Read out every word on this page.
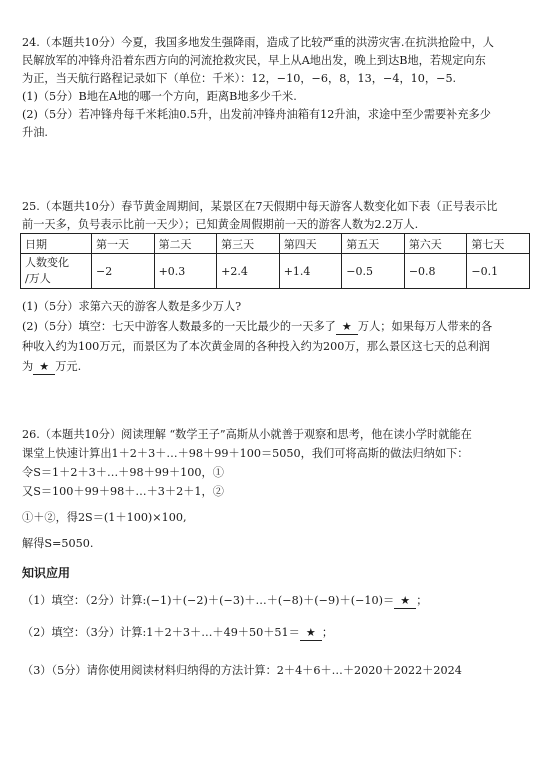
24.（本题共10分）今夏，我国多地发生强降雨，造成了比较严重的洪涝灾害.在抗洪抢险中，人
民解放军的冲锋舟沿着东西方向的河流抢救灾民，早上从A地出发，晚上到达B地，若规定向东
为正，当天航行路程记录如下（单位：千米）：12，−10，−6，8，13，−4，10，−5.
(1)（5分）B地在A地的哪一个方向，距离B地多少千米.
(2)（5分）若冲锋舟每千米耗油0.5升，出发前冲锋舟油箱有12升油，求途中至少需要补充多少
升油.
25.（本题共10分）春节黄金周期间，某景区在7天假期中每天游客人数变化如下表（正号表示比
前一天多，负号表示比前一天少）；已知黄金周假期前一天的游客人数为2.2万人.
日期	第一天	第二天	第三天	第四天	第五天	第六天	第七天

人数变化
/万人	−2	+0.3	+2.4	+1.4	−0.5	−0.8	−0.1
(1)（5分）求第六天的游客人数是多少万人?
(2)（5分）填空：七天中游客人数最多的一天比最少的一天多了 ★ 万人；如果每万人带来的各
种收入约为100万元，而景区为了本次黄金周的各种投入约为200万，那么景区这七天的总利润
为 ★ 万元.
26.（本题共10分）阅读理解 “数学王子”高斯从小就善于观察和思考，他在读小学时就能在
课堂上快速计算出1＋2＋3＋…＋98＋99＋100＝5050，我们可将高斯的做法归纳如下：
令S＝1＋2＋3＋…＋98＋99＋100，①
又S＝100＋99＋98＋…＋3＋2＋1，②
①＋②，得2S＝(1＋100)×100,
解得S=5050.
知识应用
（1）填空：（2分）计算:(−1)＋(−2)＋(−3)＋…＋(−8)＋(−9)＋(−10)＝ ★ ；
（2）填空：（3分）计算:1＋2＋3＋…＋49＋50＋51＝ ★ ；
（3）（5分）请你使用阅读材料归纳得的方法计算：2＋4＋6＋…＋2020＋2022＋2024
